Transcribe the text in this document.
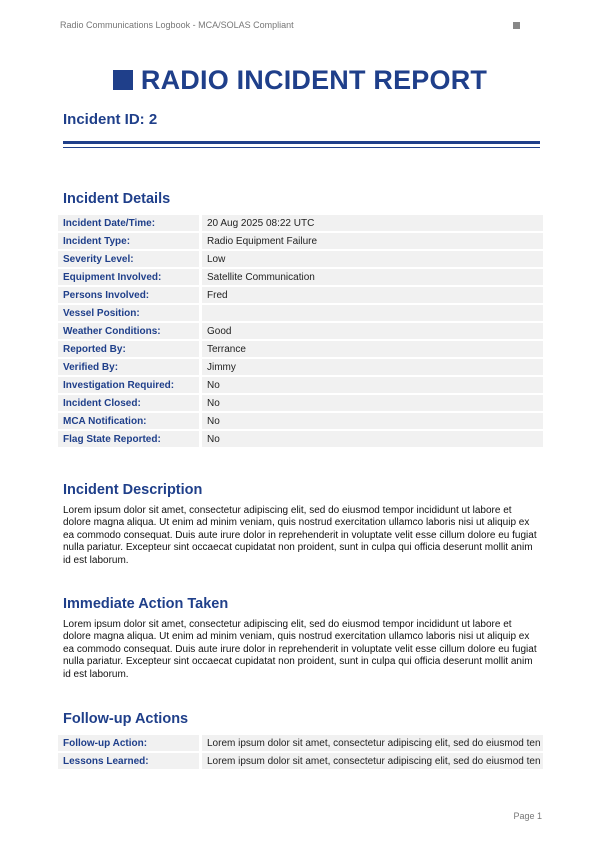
Radio Communications Logbook - MCA/SOLAS Compliant
RADIO INCIDENT REPORT
Incident ID: 2
Incident Details
Incident Date/Time:	20 Aug 2025 08:22 UTC
Incident Type:	Radio Equipment Failure
Severity Level:	Low
Equipment Involved:	Satellite Communication
Persons Involved:	Fred
Vessel Position:	
Weather Conditions:	Good
Reported By:	Terrance
Verified By:	Jimmy
Investigation Required:	No
Incident Closed:	No
MCA Notification:	No
Flag State Reported:	No
Incident Description

Lorem ipsum dolor sit amet, consectetur adipiscing elit, sed do eiusmod tempor incididunt ut labore et dolore magna aliqua. Ut enim ad minim veniam, quis nostrud exercitation ullamco laboris nisi ut aliquip ex ea commodo consequat. Duis aute irure dolor in reprehenderit in voluptate velit esse cillum dolore eu fugiat nulla pariatur. Excepteur sint occaecat cupidatat non proident, sunt in culpa qui officia deserunt mollit anim id est laborum.

Immediate Action Taken

Lorem ipsum dolor sit amet, consectetur adipiscing elit, sed do eiusmod tempor incididunt ut labore et dolore magna aliqua. Ut enim ad minim veniam, quis nostrud exercitation ullamco laboris nisi ut aliquip ex ea commodo consequat. Duis aute irure dolor in reprehenderit in voluptate velit esse cillum dolore eu fugiat nulla pariatur. Excepteur sint occaecat cupidatat non proident, sunt in culpa qui officia deserunt mollit anim id est laborum.

Follow-up Actions
Follow-up Action:	Lorem ipsum dolor sit amet, consectetur adipiscing elit, sed do eiusmod ten
Lessons Learned:	Lorem ipsum dolor sit amet, consectetur adipiscing elit, sed do eiusmod ten
Page 1
